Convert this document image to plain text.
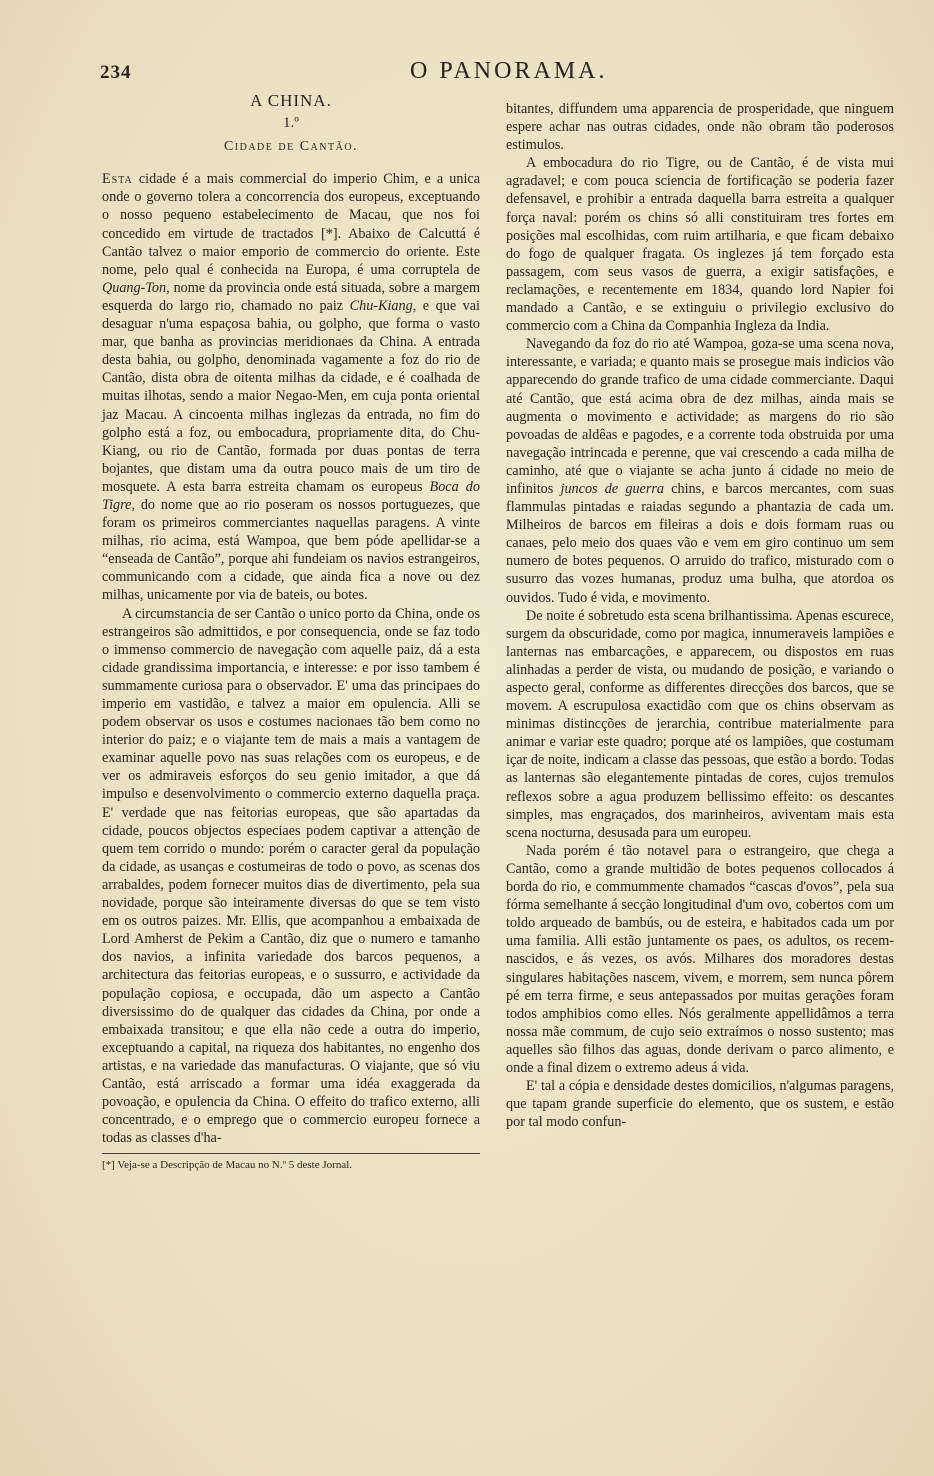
234	O PANORAMA.
A CHINA.
1.º
Cidade de Cantão.

Esta cidade é a mais commercial do imperio Chim, e a unica onde o governo tolera a concorrencia dos europeus, exceptuando o nosso pequeno estabelecimento de Macau, que nos foi concedido em virtude de tractados [*]. Abaixo de Calcuttá é Cantão talvez o maior emporio de commercio do oriente. Este nome, pelo qual é conhecida na Europa, é uma corruptela de Quang-Ton, nome da provincia onde está situada, sobre a margem esquerda do largo rio, chamado no paiz Chu-Kiang, e que vai desaguar n'uma espaçosa bahia, ou golpho, que forma o vasto mar, que banha as provincias meridionaes da China. A entrada desta bahia, ou golpho, denominada vagamente a foz do rio de Cantão, dista obra de oitenta milhas da cidade, e é coalhada de muitas ilhotas, sendo a maior Negao-Men, em cuja ponta oriental jaz Macau. A cincoenta milhas inglezas da entrada, no fim do golpho está a foz, ou embocadura, propriamente dita, do Chu-Kiang, ou rio de Cantão, formada por duas pontas de terra bojantes, que distam uma da outra pouco mais de um tiro de mosquete. A esta barra estreita chamam os europeus Boca do Tigre, do nome que ao rio poseram os nossos portuguezes, que foram os primeiros commerciantes naquellas paragens. A vinte milhas, rio acima, está Wampoa, que bem póde apellidar-se a “enseada de Cantão”, porque ahi fundeiam os navios estrangeiros, communicando com a cidade, que ainda fica a nove ou dez milhas, unicamente por via de bateis, ou botes.

A circumstancia de ser Cantão o unico porto da China, onde os estrangeiros são admittidos, e por consequencia, onde se faz todo o immenso commercio de navegação com aquelle paiz, dá a esta cidade grandissima importancia, e interesse: e por isso tambem é summamente curiosa para o observador. E' uma das principaes do imperio em vastidão, e talvez a maior em opulencia. Alli se podem observar os usos e costumes nacionaes tão bem como no interior do paiz; e o viajante tem de mais a mais a vantagem de examinar aquelle povo nas suas relações com os europeus, e de ver os admiraveis esforços do seu genio imitador, a que dá impulso e desenvolvimento o commercio externo daquella praça. E' verdade que nas feitorias europeas, que são apartadas da cidade, poucos objectos especiaes podem captivar a attenção de quem tem corrido o mundo: porém o caracter geral da população da cidade, as usanças e costumeiras de todo o povo, as scenas dos arrabaldes, podem fornecer muitos dias de divertimento, pela sua novidade, porque são inteiramente diversas do que se tem visto em os outros paizes. Mr. Ellis, que acompanhou a embaixada de Lord Amherst de Pekim a Cantão, diz que o numero e tamanho dos navios, a infinita variedade dos barcos pequenos, a architectura das feitorias europeas, e o sussurro, e actividade da população copiosa, e occupada, dão um aspecto a Cantão diversissimo do de qualquer das cidades da China, por onde a embaixada transitou; e que ella não cede a outra do imperio, exceptuando a capital, na riqueza dos habitantes, no engenho dos artistas, e na variedade das manufacturas. O viajante, que só viu Cantão, está arriscado a formar uma idéa exaggerada da povoação, e opulencia da China. O effeito do trafico externo, alli concentrado, e o emprego que o commercio europeu fornece a todas as classes d'ha-

[*] Veja-se a Descripção de Macau no N.º 5 deste Jornal.

bitantes, diffundem uma apparencia de prosperidade, que ninguem espere achar nas outras cidades, onde não obram tão poderosos estimulos.

A embocadura do rio Tigre, ou de Cantão, é de vista mui agradavel; e com pouca sciencia de fortificação se poderia fazer defensavel, e prohibir a entrada daquella barra estreita a qualquer força naval: porém os chins só alli constituiram tres fortes em posições mal escolhidas, com ruim artilharia, e que ficam debaixo do fogo de qualquer fragata. Os inglezes já tem forçado esta passagem, com seus vasos de guerra, a exigir satisfações, e reclamações, e recentemente em 1834, quando lord Napier foi mandado a Cantão, e se extinguiu o privilegio exclusivo do commercio com a China da Companhia Ingleza da India.

Navegando da foz do rio até Wampoa, goza-se uma scena nova, interessante, e variada; e quanto mais se prosegue mais indicios vão apparecendo do grande trafico de uma cidade commerciante. Daqui até Cantão, que está acima obra de dez milhas, ainda mais se augmenta o movimento e actividade; as margens do rio são povoadas de aldêas e pagodes, e a corrente toda obstruida por uma navegação intrincada e perenne, que vai crescendo a cada milha de caminho, até que o viajante se acha junto á cidade no meio de infinitos juncos de guerra chins, e barcos mercantes, com suas flammulas pintadas e raiadas segundo a phantazia de cada um. Milheiros de barcos em fileiras a dois e dois formam ruas ou canaes, pelo meio dos quaes vão e vem em giro continuo um sem numero de botes pequenos. O arruido do trafico, misturado com o susurro das vozes humanas, produz uma bulha, que atordoa os ouvidos. Tudo é vida, e movimento.

De noite é sobretudo esta scena brilhantissima. Apenas escurece, surgem da obscuridade, como por magica, innumeraveis lampiões e lanternas nas embarcações, e apparecem, ou dispostos em ruas alinhadas a perder de vista, ou mudando de posição, e variando o aspecto geral, conforme as differentes direcções dos barcos, que se movem. A escrupulosa exactidão com que os chins observam as minimas distincções de jerarchia, contribue materialmente para animar e variar este quadro; porque até os lampiões, que costumam içar de noite, indicam a classe das pessoas, que estão a bordo. Todas as lanternas são elegantemente pintadas de cores, cujos tremulos reflexos sobre a agua produzem bellissimo effeito: os descantes simples, mas engraçados, dos marinheiros, aviventam mais esta scena nocturna, desusada para um europeu.

Nada porém é tão notavel para o estrangeiro, que chega a Cantão, como a grande multidão de botes pequenos collocados á borda do rio, e commummente chamados “cascas d'ovos”, pela sua fórma semelhante á secção longitudinal d'um ovo, cobertos com um toldo arqueado de bambús, ou de esteira, e habitados cada um por uma familia. Alli estão juntamente os paes, os adultos, os recem-nascidos, e ás vezes, os avós. Milhares dos moradores destas singulares habitações nascem, vivem, e morrem, sem nunca pôrem pé em terra firme, e seus antepassados por muitas gerações foram todos amphibios como elles. Nós geralmente appellidâmos a terra nossa mãe commum, de cujo seio extraímos o nosso sustento; mas aquelles são filhos das aguas, donde derivam o parco alimento, e onde a final dizem o extremo adeus á vida.

E' tal a cópia e densidade destes domicilios, n'algumas paragens, que tapam grande superficie do elemento, que os sustem, e estão por tal modo confun-
